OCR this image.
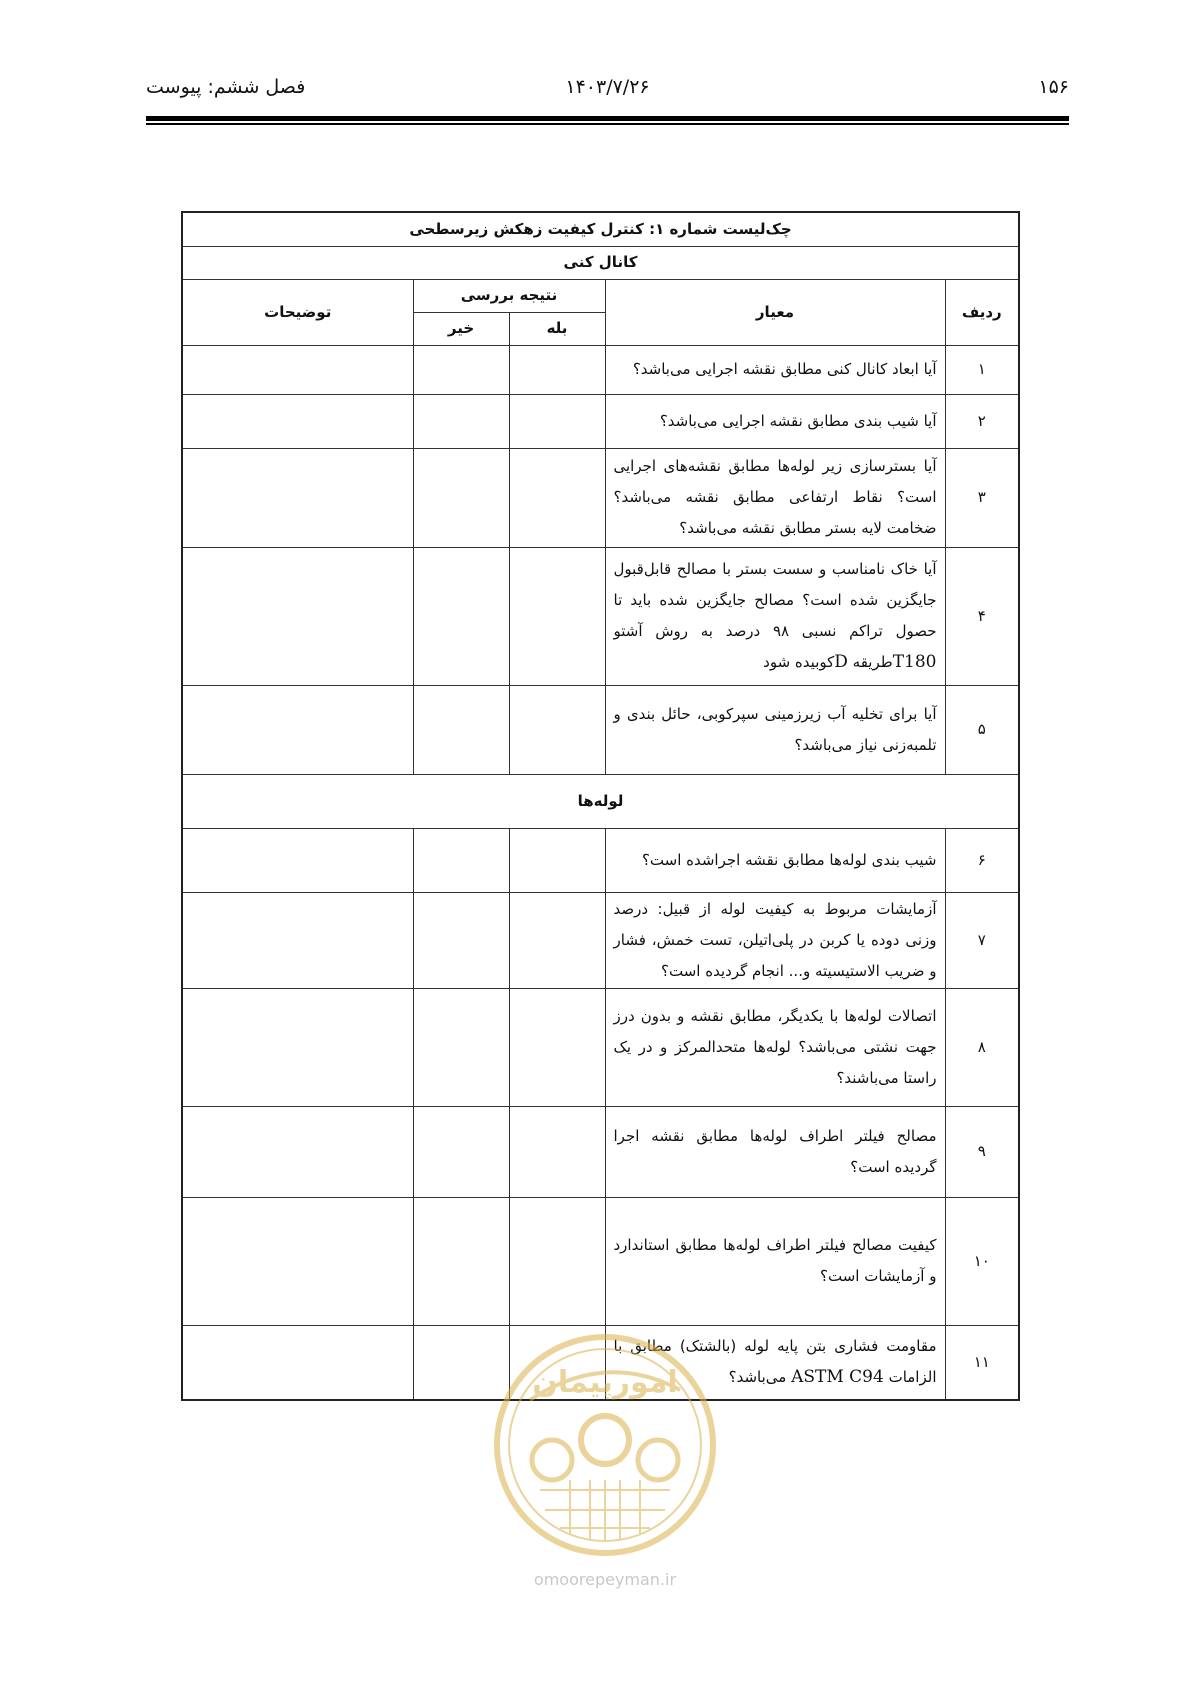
۱۵۶
۱۴۰۳/۷/۲۶
فصل ششم: پیوست
چک‌لیست شماره ۱: کنترل کیفیت زهکش زیرسطحی				
کانال کنی				
ردیف	معیار	نتیجه بررسی		توضیحات
		بله	خیر	
۱	آیا ابعاد کانال کنی مطابق نقشه اجرایی می‌باشد؟			
۲	آیا شیب بندی مطابق نقشه اجرایی می‌باشد؟			
۳	آیا بسترسازی زیر لوله‌ها مطابق نقشه‌های اجرایی است؟ نقاط ارتفاعی مطابق نقشه می‌باشد؟ ضخامت لایه بستر مطابق نقشه می‌باشد؟			
۴	آیا خاک نامناسب و سست بستر با مصالح قابل‌قبول جایگزین شده است؟ مصالح جایگزین شده باید تا حصول تراکم نسبی ۹۸ درصد به روش آشتو T180طریقه Dکوبیده شود			
۵	آیا برای تخلیه آب زیرزمینی سپرکوبی، حائل بندی و تلمبه‌زنی نیاز می‌باشد؟			
لوله‌ها				
۶	شیب بندی لوله‌ها مطابق نقشه اجراشده است؟			
۷	آزمایشات مربوط به کیفیت لوله از قبیل: درصد وزنی دوده یا کربن در پلی‌اتیلن، تست خمش، فشار و ضریب الاستیسیته و... انجام گردیده است؟			
۸	اتصالات لوله‌ها با یکدیگر، مطابق نقشه و بدون درز جهت نشتی می‌باشد؟ لوله‌ها متحدالمرکز و در یک راستا می‌باشند؟			
۹	مصالح فیلتر اطراف لوله‌ها مطابق نقشه اجرا گردیده است؟			
۱۰	کیفیت مصالح فیلتر اطراف لوله‌ها مطابق استاندارد و آزمایشات است؟			
۱۱	مقاومت فشاری بتن پایه لوله (بالشتک) مطابق با الزامات ASTM C94 می‌باشد؟			
امورپیمان
omoorepeyman.ir
